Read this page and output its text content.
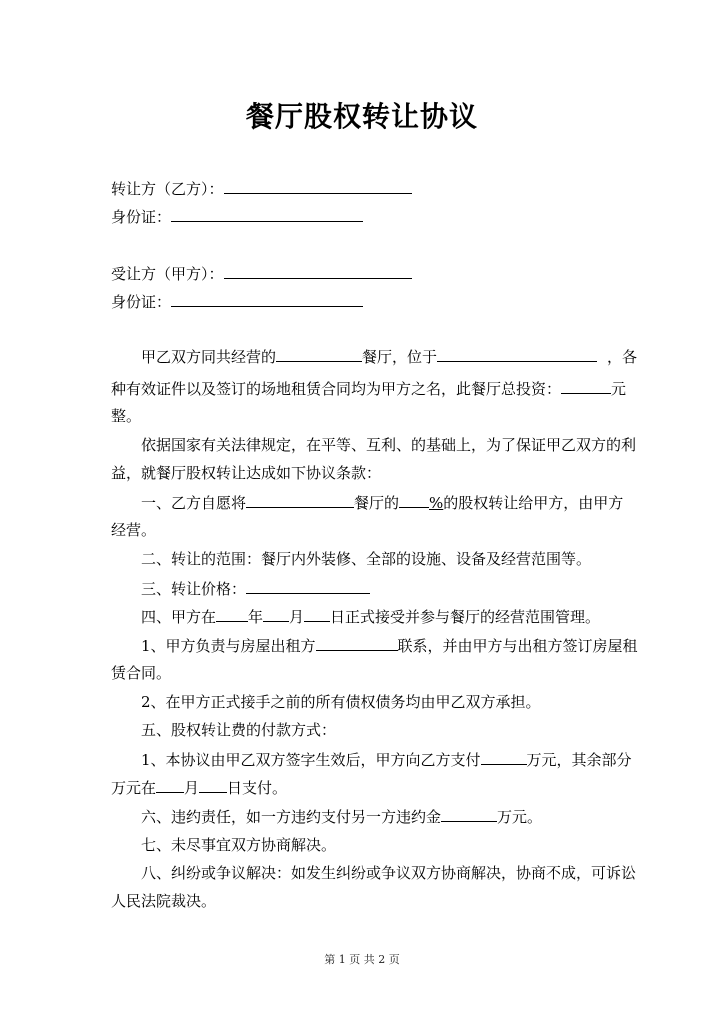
餐厅股权转让协议
转让方（乙方）：
身份证：
受让方（甲方）：
身份证：
甲乙双方同共经营的	餐厅，位于	，各
种有效证件以及签订的场地租赁合同均为甲方之名，此餐厅总投资：	元
整。
依据国家有关法律规定，在平等、互利、的基础上，为了保证甲乙双方的利
益，就餐厅股权转让达成如下协议条款：
一、乙方自愿将	餐厅的 %的股权转让给甲方，由甲方
经营。
二、转让的范围：餐厅内外装修、全部的设施、设备及经营范围等。
三、转让价格：
四、甲方在 年 月 日正式接受并参与餐厅的经营范围管理。
1、甲方负责与房屋出租方	联系，并由甲方与出租方签订房屋租
赁合同。
2、在甲方正式接手之前的所有债权债务均由甲乙双方承担。
五、股权转让费的付款方式：
1、本协议由甲乙双方签字生效后，甲方向乙方支付	万元，其余部分
万元在 月 日支付。
六、违约责任，如一方违约支付另一方违约金	万元。
七、未尽事宜双方协商解决。
八、纠纷或争议解决：如发生纠纷或争议双方协商解决，协商不成，可诉讼
人民法院裁决。
第 1 页 共 2 页
